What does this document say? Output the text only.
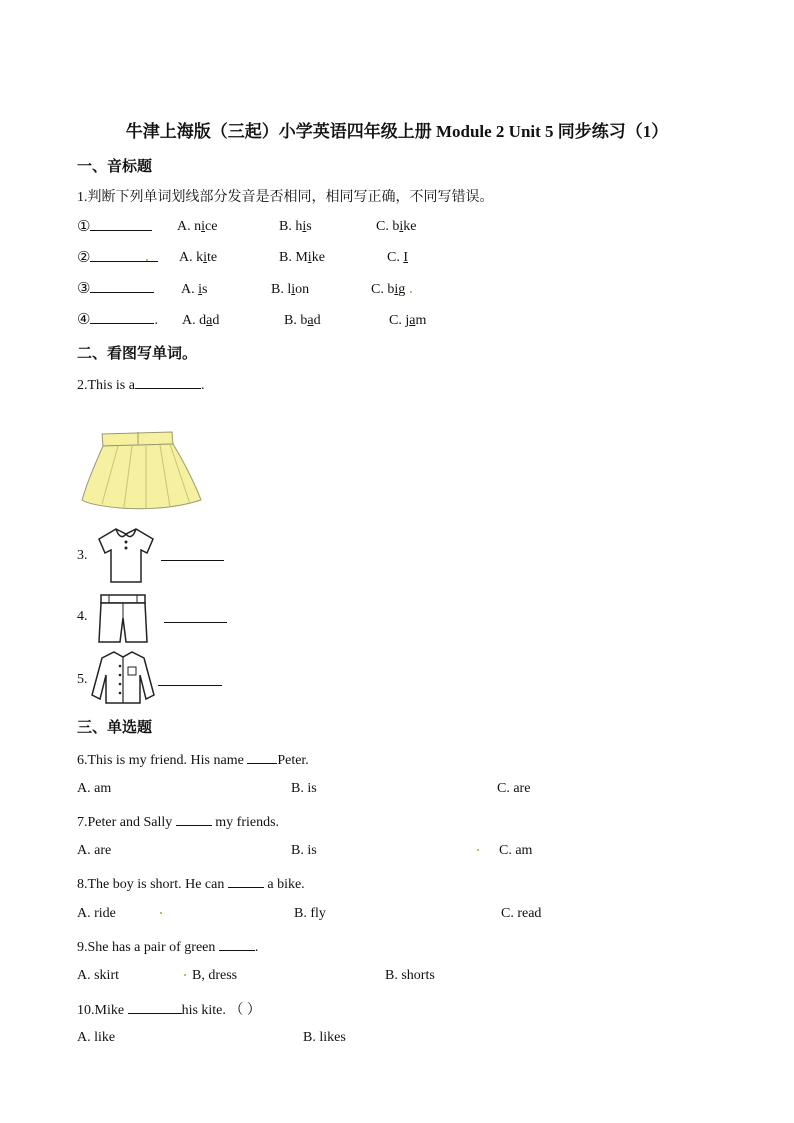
牛津上海版（三起）小学英语四年级上册 Module 2 Unit 5 同步练习（1）
一、音标题
1.判断下列单词划线部分发音是否相同，相同写正确，不同写错误。
①	A. nice	B. his	C. bike
②	A. kite	B. Mike	C. I
③	A. is	B. lion	C. big
④	. A. dad	B. bad	C. jam
二、看图写单词。
2.This is a	.
3.
4.
5.
三、单选题
6.This is my friend. His name Peter.
A. am	B. is	C. are
7.Peter and Sally	my friends.
A. are	B. is	C. am
8.The boy is short. He can	a bike.
A. ride	B. fly	C. read
9.She has a pair of green	.
A. skirt	B, dress	B. shorts
10.Mike	his kite. （ ）
A. like	B. likes
